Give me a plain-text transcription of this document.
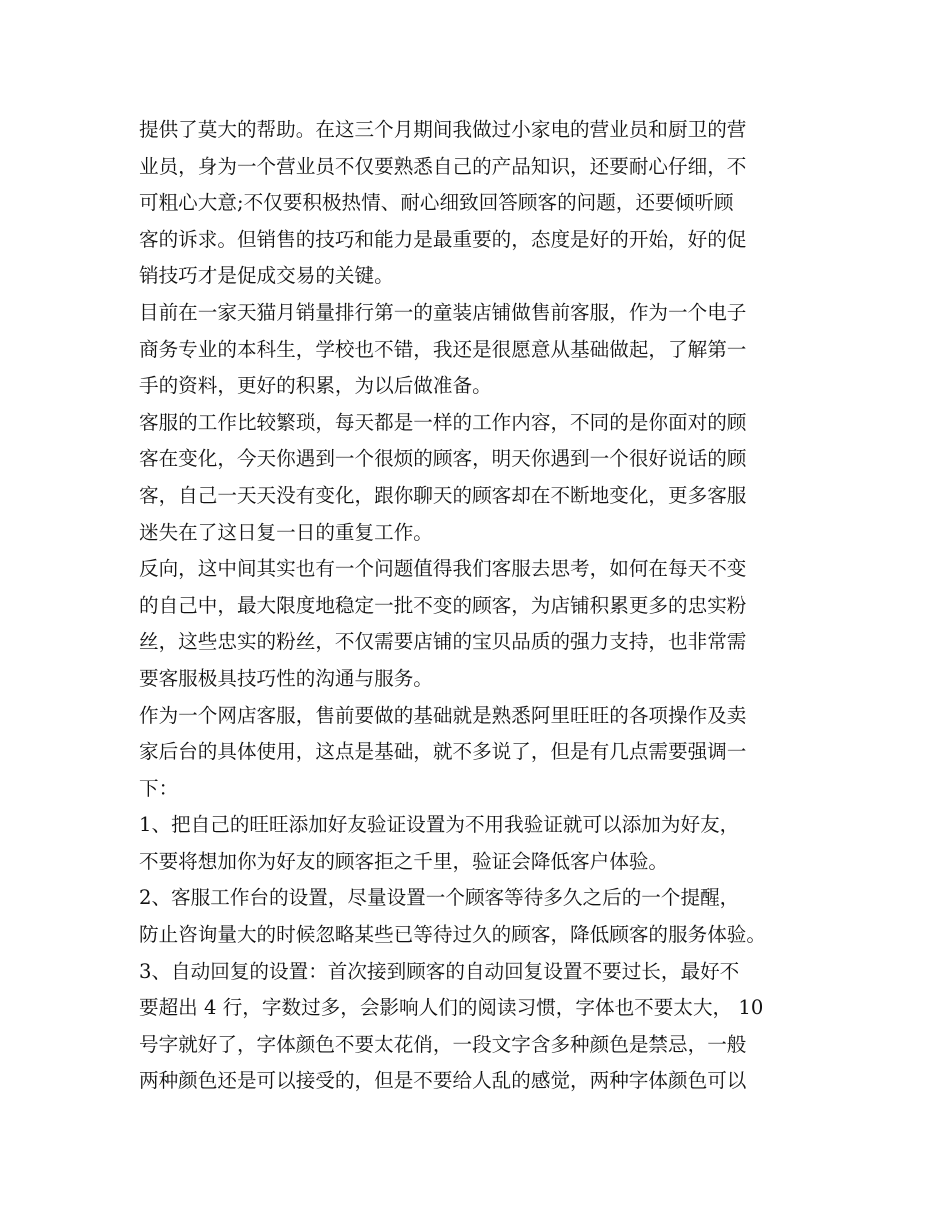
提供了莫大的帮助。在这三个月期间我做过小家电的营业员和厨卫的营
业员，身为一个营业员不仅要熟悉自己的产品知识，还要耐心仔细，不
可粗心大意;不仅要积极热情、耐心细致回答顾客的问题，还要倾听顾
客的诉求。但销售的技巧和能力是最重要的，态度是好的开始，好的促
销技巧才是促成交易的关键。
目前在一家天猫月销量排行第一的童装店铺做售前客服，作为一个电子
商务专业的本科生，学校也不错，我还是很愿意从基础做起，了解第一
手的资料，更好的积累，为以后做准备。
客服的工作比较繁琐，每天都是一样的工作内容，不同的是你面对的顾
客在变化，今天你遇到一个很烦的顾客，明天你遇到一个很好说话的顾
客，自己一天天没有变化，跟你聊天的顾客却在不断地变化，更多客服
迷失在了这日复一日的重复工作。
反向，这中间其实也有一个问题值得我们客服去思考，如何在每天不变
的自己中，最大限度地稳定一批不变的顾客，为店铺积累更多的忠实粉
丝，这些忠实的粉丝，不仅需要店铺的宝贝品质的强力支持，也非常需
要客服极具技巧性的沟通与服务。
作为一个网店客服，售前要做的基础就是熟悉阿里旺旺的各项操作及卖
家后台的具体使用，这点是基础，就不多说了，但是有几点需要强调一
下：
1、把自己的旺旺添加好友验证设置为不用我验证就可以添加为好友，
不要将想加你为好友的顾客拒之千里，验证会降低客户体验。
2、客服工作台的设置，尽量设置一个顾客等待多久之后的一个提醒，
防止咨询量大的时候忽略某些已等待过久的顾客，降低顾客的服务体验。
3、自动回复的设置：首次接到顾客的自动回复设置不要过长，最好不
要超出 4 行，字数过多，会影响人们的阅读习惯，字体也不要太大， 10
号字就好了，字体颜色不要太花俏，一段文字含多种颜色是禁忌，一般
两种颜色还是可以接受的，但是不要给人乱的感觉，两种字体颜色可以
